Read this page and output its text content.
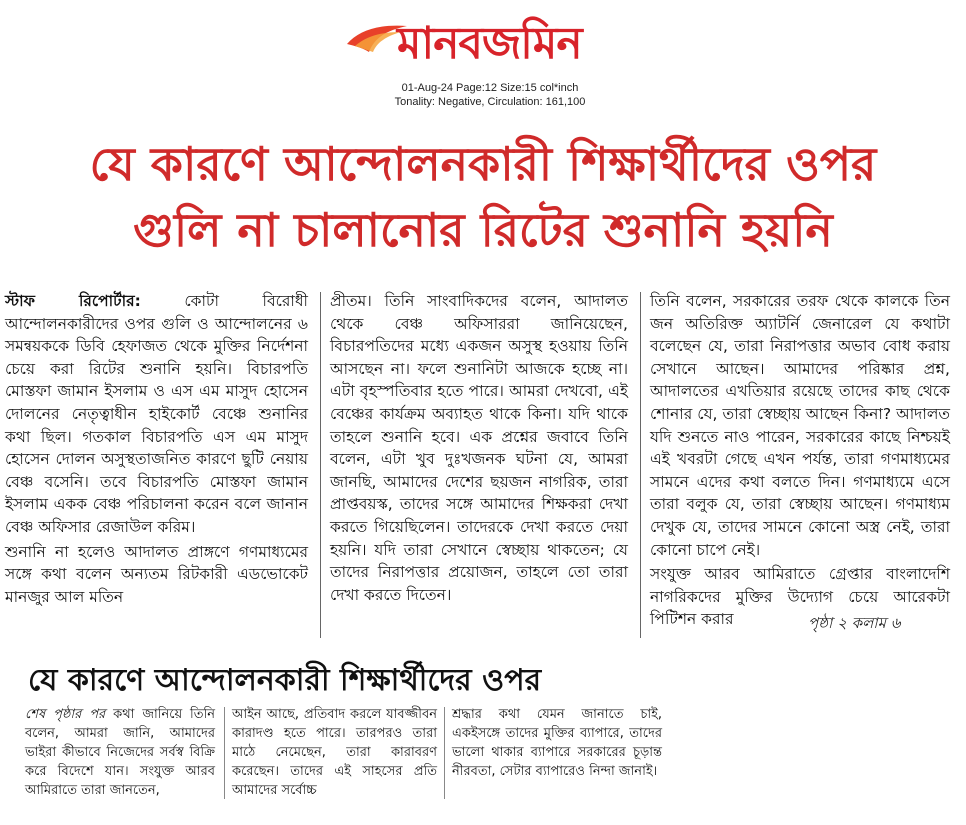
মানবজমিন
01-Aug-24 Page:12 Size:15 col*inch
Tonality: Negative, Circulation: 161,100
যে কারণে আন্দোলনকারী শিক্ষার্থীদের ওপর
গুলি না চালানোর রিটের শুনানি হয়নি

স্টাফ রিপোর্টার:	কোটা বিরোধী আন্দোলনকারীদের ওপর গুলি ও আন্দোলনের ৬ সমন্বয়ককে ডিবি হেফাজত থেকে মুক্তির নির্দেশনা চেয়ে করা রিটের শুনানি হয়নি। বিচারপতি মোস্তফা জামান ইসলাম ও এস এম মাসুদ হোসেন দোলনের নেতৃত্বাধীন হাইকোর্ট বেঞ্চে শুনানির কথা ছিল। গতকাল বিচারপতি এস এম মাসুদ হোসেন দোলন অসুস্থতাজনিত কারণে ছুটি নেয়ায় বেঞ্চ বসেনি। তবে বিচারপতি মোস্তফা জামান ইসলাম একক বেঞ্চ পরিচালনা করেন বলে জানান বেঞ্চ অফিসার রেজাউল করিম।

শুনানি না হলেও আদালত প্রাঙ্গণে গণমাধ্যমের সঙ্গে কথা বলেন অন্যতম রিটকারী এডভোকেট মানজুর আল মতিন

প্রীতম। তিনি সাংবাদিকদের বলেন, আদালত থেকে বেঞ্চ অফিসাররা জানিয়েছেন, বিচারপতিদের মধ্যে একজন অসুস্থ হওয়ায় তিনি আসছেন না। ফলে শুনানিটা আজকে হচ্ছে না। এটা বৃহস্পতিবার হতে পারে। আমরা দেখবো, এই বেঞ্চের কার্যক্রম অব্যাহত থাকে কিনা। যদি থাকে তাহলে শুনানি হবে। এক প্রশ্নের জবাবে তিনি বলেন, এটা খুব দুঃখজনক ঘটনা যে, আমরা জানছি, আমাদের দেশের ছয়জন নাগরিক, তারা প্রাপ্তবয়স্ক, তাদের সঙ্গে আমাদের শিক্ষকরা দেখা করতে গিয়েছিলেন। তাদেরকে দেখা করতে দেয়া হয়নি। যদি তারা সেখানে স্বেচ্ছায় থাকতেন; যে তাদের নিরাপত্তার প্রয়োজন, তাহলে তো তারা দেখা করতে দিতেন।

তিনি বলেন, সরকারের তরফ থেকে কালকে তিন জন অতিরিক্ত অ্যাটর্নি জেনারেল যে কথাটা বলেছেন যে, তারা নিরাপত্তার অভাব বোধ করায় সেখানে আছেন। আমাদের পরিষ্কার প্রশ্ন, আদালতের এখতিয়ার রয়েছে তাদের কাছ থেকে শোনার যে, তারা স্বেচ্ছায় আছেন কিনা? আদালত যদি শুনতে নাও পারেন, সরকারের কাছে নিশ্চয়ই এই খবরটা গেছে এখন পর্যন্ত, তারা গণমাধ্যমের সামনে এদের কথা বলতে দিন। গণমাধ্যমে এসে তারা বলুক যে, তারা স্বেচ্ছায় আছেন। গণমাধ্যম দেখুক যে, তাদের সামনে কোনো অস্ত্র নেই, তারা কোনো চাপে নেই।

সংযুক্ত আরব আমিরাতে গ্রেপ্তার বাংলাদেশি নাগরিকদের মুক্তির উদ্যোগ চেয়ে আরেকটা পিটিশন করার	পৃষ্ঠা ২ কলাম ৬
যে কারণে আন্দোলনকারী শিক্ষার্থীদের ওপর
শেষ পৃষ্ঠার পর কথা জানিয়ে তিনি বলেন, আমরা জানি, আমাদের ভাইরা কীভাবে নিজেদের সর্বস্ব বিক্রি করে বিদেশে যান। সংযুক্ত আরব আমিরাতে তারা জানতেন,
আইন আছে, প্রতিবাদ করলে যাবজ্জীবন কারাদণ্ড হতে পারে। তারপরও তারা মাঠে নেমেছেন, তারা কারাবরণ করেছেন। তাদের এই সাহসের প্রতি আমাদের সর্বোচ্চ
শ্রদ্ধার কথা যেমন জানাতে চাই, একইসঙ্গে তাদের মুক্তির ব্যাপারে, তাদের ভালো থাকার ব্যাপারে সরকারের চূড়ান্ত নীরবতা, সেটার ব্যাপারেও নিন্দা জানাই।
